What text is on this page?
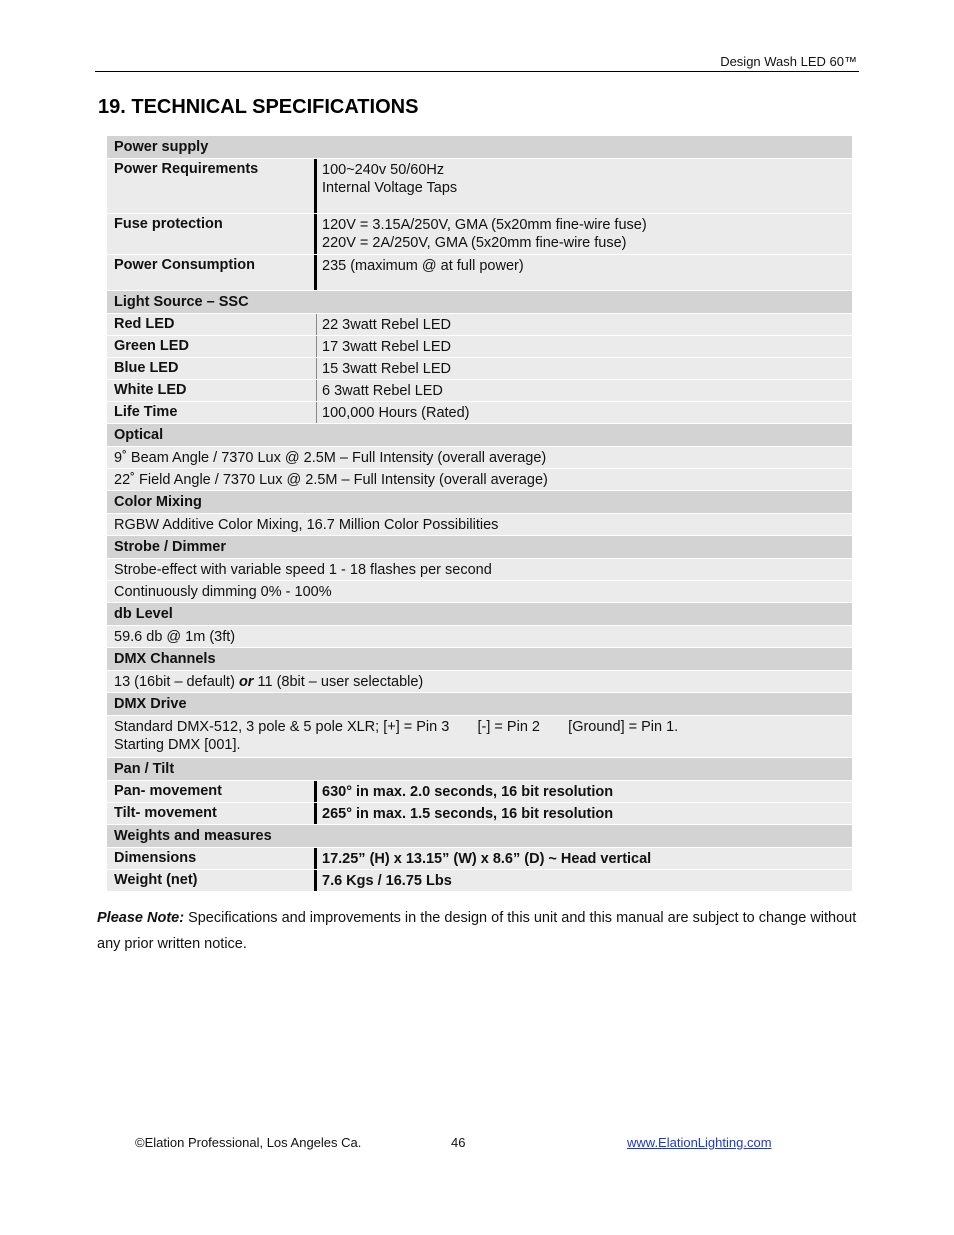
Design Wash LED 60™
19. TECHNICAL SPECIFICATIONS
Power supply
Power Requirements	100~240v 50/60Hz
Internal Voltage Taps
Fuse protection	120V = 3.15A/250V, GMA (5x20mm fine-wire fuse)
220V = 2A/250V, GMA (5x20mm fine-wire fuse)
Power Consumption	235 (maximum @ at full power)
Light Source – SSC
Red LED	22 3watt Rebel LED
Green LED	17 3watt Rebel LED
Blue LED	15 3watt Rebel LED
White LED	6 3watt Rebel LED
Life Time	100,000 Hours (Rated)
Optical
9˚ Beam Angle / 7370 Lux @ 2.5M – Full Intensity (overall average)
22˚ Field Angle / 7370 Lux @ 2.5M – Full Intensity (overall average)
Color Mixing
RGBW Additive Color Mixing, 16.7 Million Color Possibilities
Strobe / Dimmer
Strobe-effect with variable speed 1 - 18 flashes per second
Continuously dimming 0% - 100%
db Level
59.6 db @ 1m (3ft)
DMX Channels
13 (16bit – default) or 11 (8bit – user selectable)
DMX Drive
Standard DMX-512, 3 pole & 5 pole XLR; [+] = Pin 3       [-] = Pin 2       [Ground] = Pin 1.
Starting DMX [001].
Pan / Tilt
Pan- movement	630° in max. 2.0 seconds, 16 bit resolution
Tilt- movement	265° in max. 1.5 seconds, 16 bit resolution
Weights and measures
Dimensions	17.25” (H) x 13.15” (W) x 8.6” (D) ~ Head vertical
Weight (net)	7.6 Kgs / 16.75 Lbs

Please Note: Specifications and improvements in the design of this unit and this manual are subject to change without any prior written notice.

©Elation Professional, Los Angeles Ca.	46	www.ElationLighting.com
